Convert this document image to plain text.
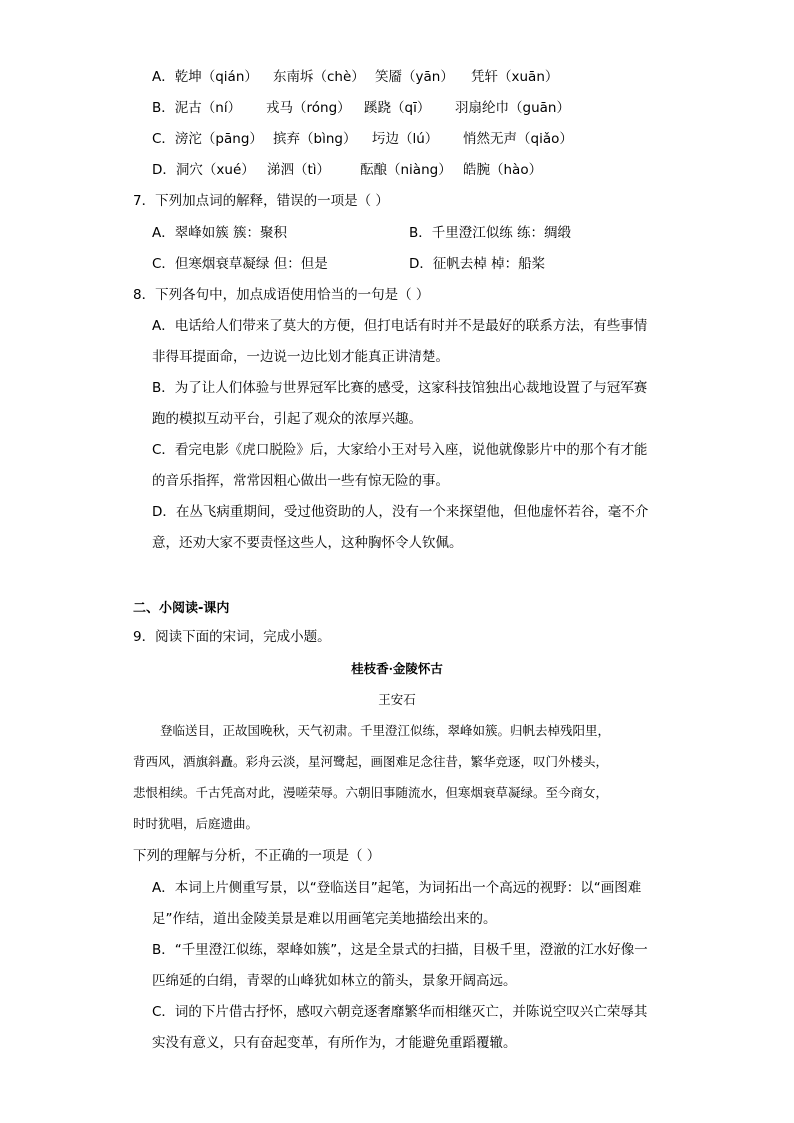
A．乾坤（qián） 东南坼（chè） 笑靥（yān） 凭轩（xuān）
B．泥古（ní） 戎马（róng） 蹊跷（qī） 羽扇纶巾（guān）
C．滂沱（pāng） 摈弃（bìng） 圬边（lú） 悄然无声（qiǎo）
D．洞穴（xué） 涕泗（tì） 酝酿（niàng） 皓腕（hào）
7．下列加点词的解释，错误的一项是（ ）
A．翠峰如簇 簇：聚积	B．千里澄江似练 练：绸缎
C．但寒烟衰草凝绿 但：但是	D．征帆去棹 棹：船桨
8．下列各句中，加点成语使用恰当的一句是（ ）
A．电话给人们带来了莫大的方便，但打电话有时并不是最好的联系方法，有些事情
非得耳提面命，一边说一边比划才能真正讲清楚。
B．为了让人们体验与世界冠军比赛的感受，这家科技馆独出心裁地设置了与冠军赛
跑的模拟互动平台，引起了观众的浓厚兴趣。
C．看完电影《虎口脱险》后，大家给小王对号入座，说他就像影片中的那个有才能
的音乐指挥，常常因粗心做出一些有惊无险的事。
D．在丛飞病重期间，受过他资助的人，没有一个来探望他，但他虚怀若谷，毫不介
意，还劝大家不要责怪这些人，这种胸怀令人钦佩。
二、小阅读-课内
9．阅读下面的宋词，完成小题。
桂枝香·金陵怀古
王安石
登临送目，正故国晚秋，天气初肃。千里澄江似练，翠峰如簇。归帆去棹残阳里，
背西风，酒旗斜矗。彩舟云淡，星河鹭起，画图难足念往昔，繁华竞逐，叹门外楼头，
悲恨相续。千古凭高对此，漫嗟荣辱。六朝旧事随流水，但寒烟衰草凝绿。至今商女，
时时犹唱，后庭遗曲。
下列的理解与分析，不正确的一项是（ ）
A．本词上片侧重写景，以“登临送目”起笔，为词拓出一个高远的视野：以“画图难
足”作结，道出金陵美景是难以用画笔完美地描绘出来的。
B．“千里澄江似练，翠峰如簇”，这是全景式的扫描，目极千里，澄澈的江水好像一
匹绵延的白绢，青翠的山峰犹如林立的箭头，景象开阔高远。
C．词的下片借古抒怀，感叹六朝竞逐奢靡繁华而相继灭亡，并陈说空叹兴亡荣辱其
实没有意义，只有奋起变革，有所作为，才能避免重蹈覆辙。
